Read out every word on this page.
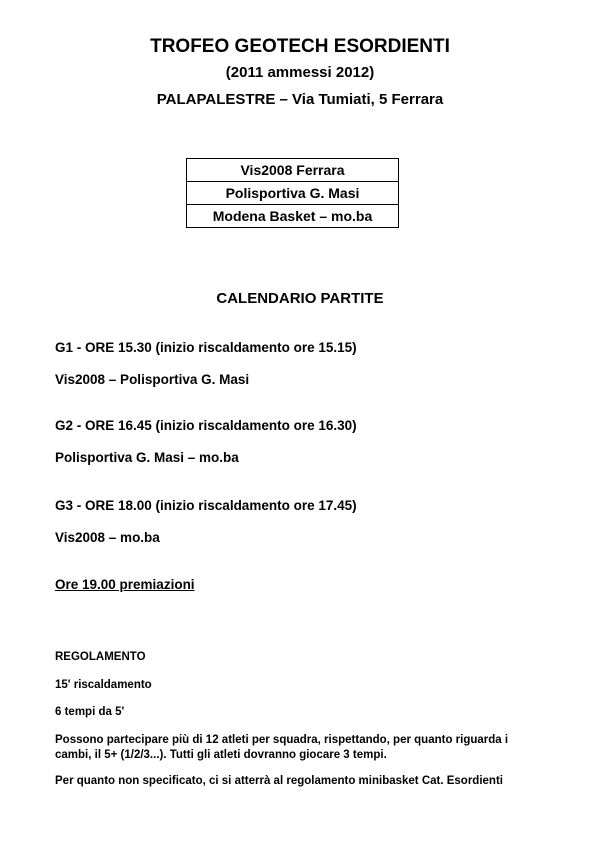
TROFEO GEOTECH ESORDIENTI
(2011 ammessi 2012)
PALAPALESTRE – Via Tumiati, 5 Ferrara
Vis2008 Ferrara
Polisportiva G. Masi
Modena Basket – mo.ba
CALENDARIO PARTITE
G1 - ORE 15.30 (inizio riscaldamento ore 15.15)
Vis2008 – Polisportiva G. Masi
G2 - ORE 16.45 (inizio riscaldamento ore 16.30)
Polisportiva G. Masi – mo.ba
G3 - ORE 18.00 (inizio riscaldamento ore 17.45)
Vis2008 – mo.ba
Ore 19.00 premiazioni
REGOLAMENTO
15' riscaldamento
6 tempi da 5'
Possono partecipare più di 12 atleti per squadra, rispettando, per quanto riguarda i cambi, il 5+ (1/2/3...). Tutti gli atleti dovranno giocare 3 tempi.
Per quanto non specificato, ci si atterrà al regolamento minibasket Cat. Esordienti
